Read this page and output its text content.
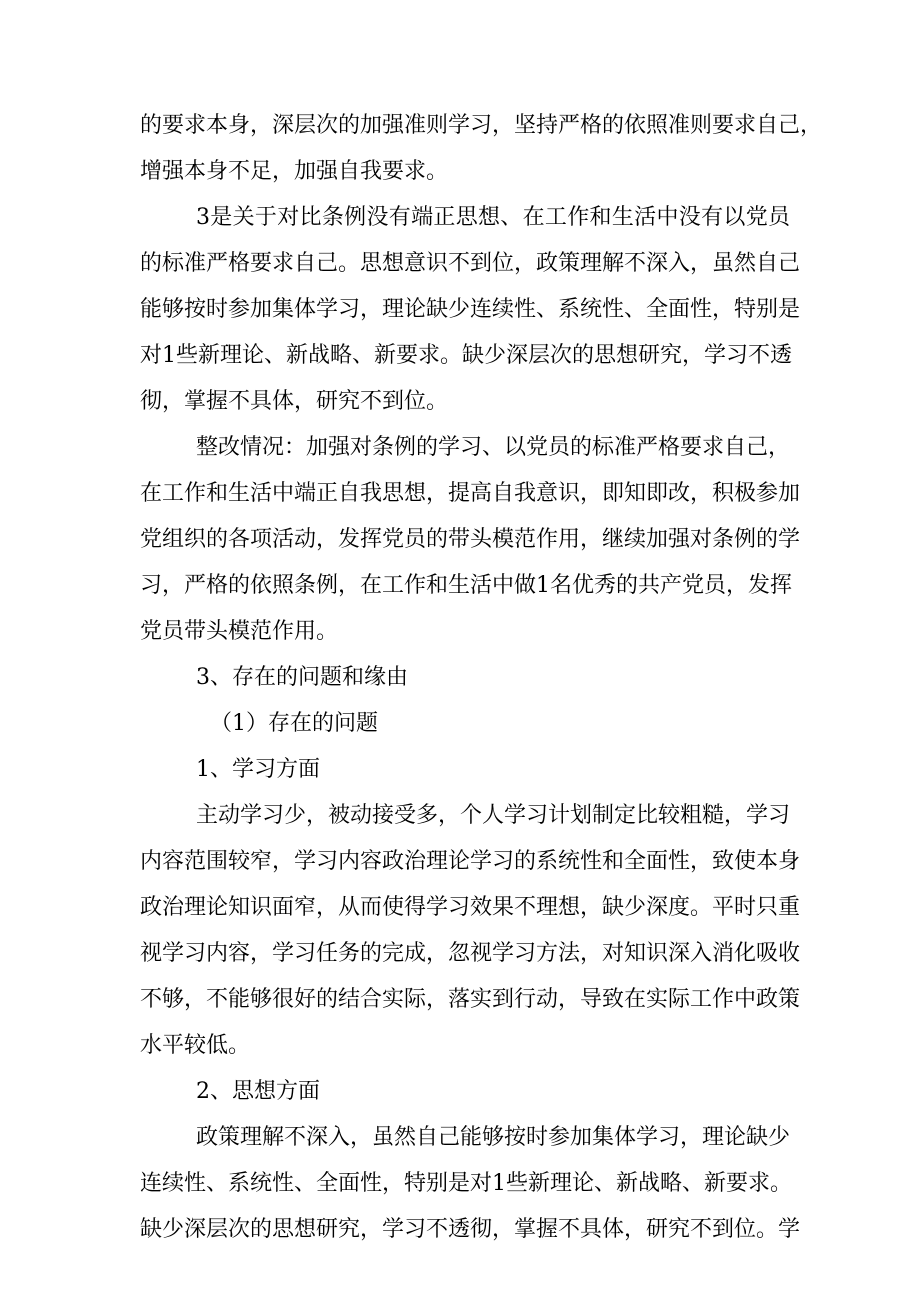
的要求本身，深层次的加强准则学习，坚持严格的依照准则要求自己，
增强本身不足，加强自我要求。
3是关于对比条例没有端正思想、在工作和生活中没有以党员
的标准严格要求自己。思想意识不到位，政策理解不深入，虽然自己
能够按时参加集体学习，理论缺少连续性、系统性、全面性，特别是
对1些新理论、新战略、新要求。缺少深层次的思想研究，学习不透
彻，掌握不具体，研究不到位。
整改情况：加强对条例的学习、以党员的标准严格要求自己，
在工作和生活中端正自我思想，提高自我意识，即知即改，积极参加
党组织的各项活动，发挥党员的带头模范作用，继续加强对条例的学
习，严格的依照条例，在工作和生活中做1名优秀的共产党员，发挥
党员带头模范作用。
3、存在的问题和缘由
（1）存在的问题
1、学习方面
主动学习少，被动接受多，个人学习计划制定比较粗糙，学习
内容范围较窄，学习内容政治理论学习的系统性和全面性，致使本身
政治理论知识面窄，从而使得学习效果不理想，缺少深度。平时只重
视学习内容，学习任务的完成，忽视学习方法，对知识深入消化吸收
不够，不能够很好的结合实际，落实到行动，导致在实际工作中政策
水平较低。
2、思想方面
政策理解不深入，虽然自己能够按时参加集体学习，理论缺少
连续性、系统性、全面性，特别是对1些新理论、新战略、新要求。
缺少深层次的思想研究，学习不透彻，掌握不具体，研究不到位。学
